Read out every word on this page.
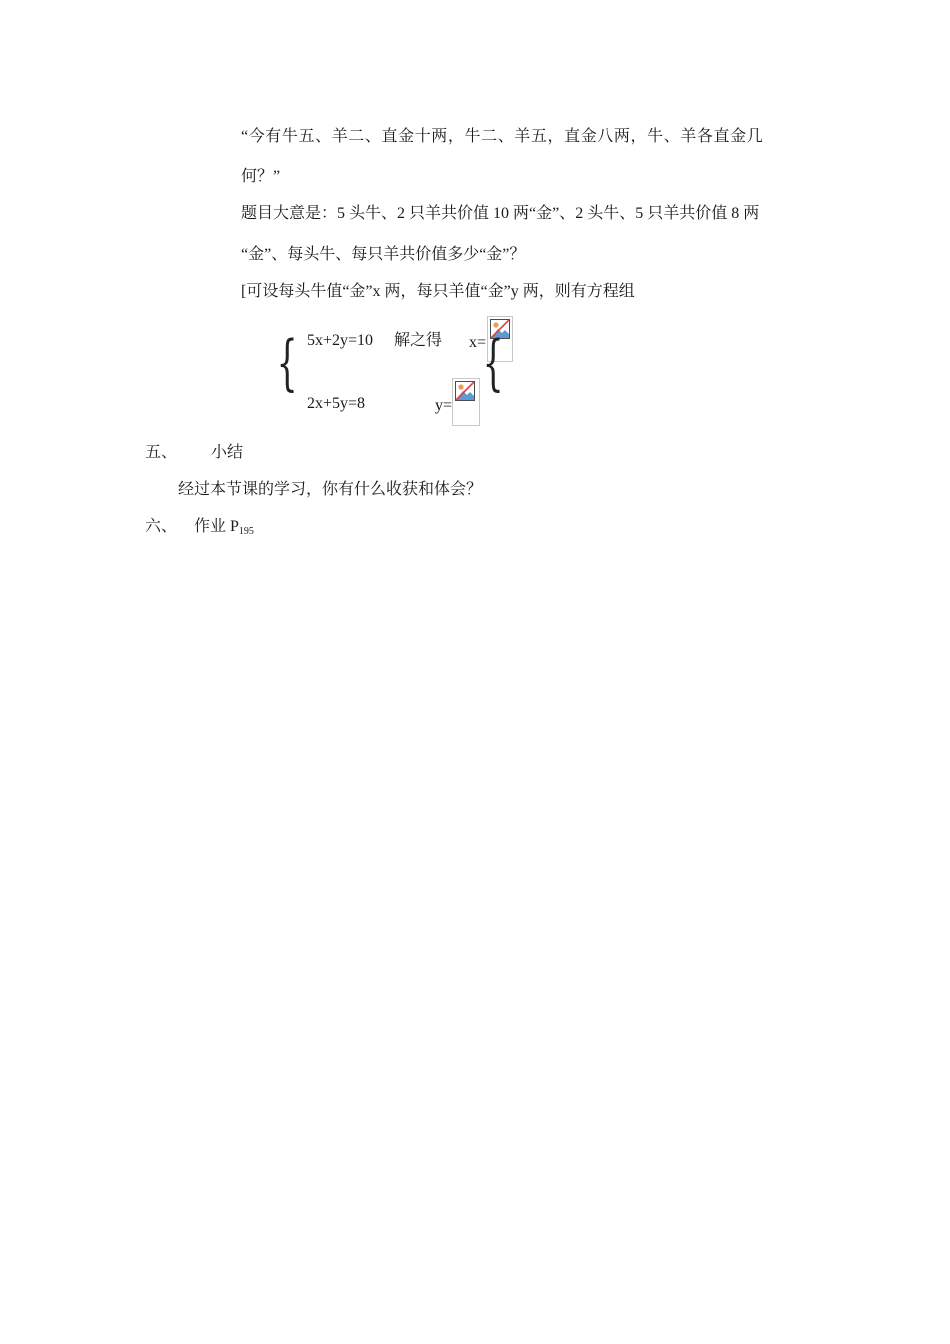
“今有牛五、羊二、直金十两，牛二、羊五，直金八两，牛、羊各直金几
何？”
题目大意是：5 头牛、2 只羊共价值 10 两“金”、2 头牛、5 只羊共价值 8 两
“金”、每头牛、每只羊共价值多少“金”？
[可设每头牛值“金”x 两，每只羊值“金”y 两，则有方程组
{ 5x+2y=10 解之得 x=
{
2x+5y=8	y=
五、 小结
经过本节课的学习，你有什么收获和体会？
六、 作业 $P_{195}$
